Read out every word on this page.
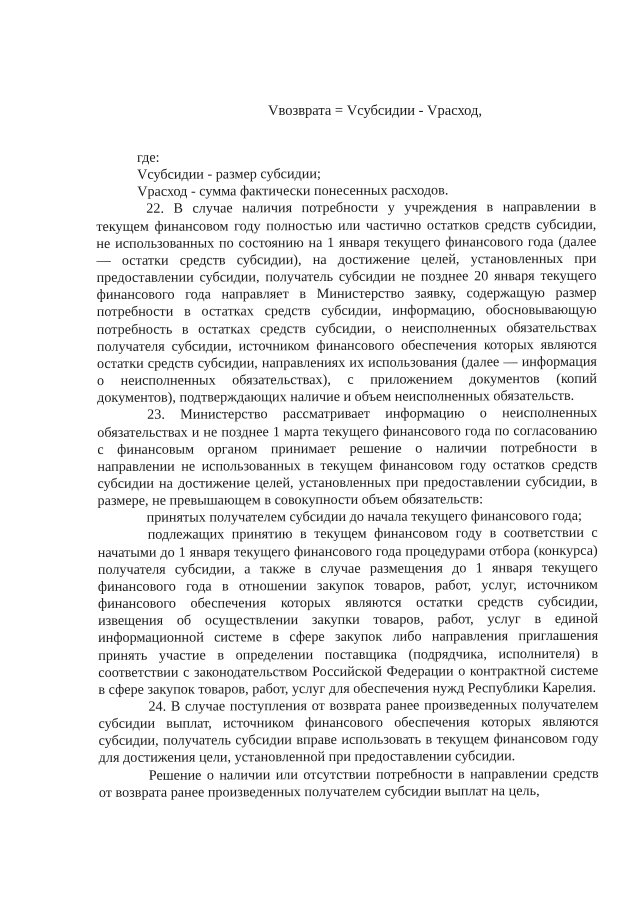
Vвозврата = Vсубсидии - Vрасход,

где:

Vсубсидии - размер субсидии;

Vрасход - сумма фактически понесенных расходов.

22. В случае наличия потребности у учреждения в направлении в текущем финансовом году полностью или частично остатков средств субсидии, не использованных по состоянию на 1 января текущего финансового года (далее — остатки средств субсидии), на достижение целей, установленных при предоставлении субсидии, получатель субсидии не позднее 20 января текущего финансового года направляет в Министерство заявку, содержащую размер потребности в остатках средств субсидии, информацию, обосновывающую потребность в остатках средств субсидии, о неисполненных обязательствах получателя субсидии, источником финансового обеспечения которых являются остатки средств субсидии, направлениях их использования (далее — информация о неисполненных обязательствах), с приложением документов (копий документов), подтверждающих наличие и объем неисполненных обязательств.

23. Министерство рассматривает информацию о неисполненных обязательствах и не позднее 1 марта текущего финансового года по согласованию с финансовым органом принимает решение о наличии потребности в направлении не использованных в текущем финансовом году остатков средств субсидии на достижение целей, установленных при предоставлении субсидии, в размере, не превышающем в совокупности объем обязательств:

принятых получателем субсидии до начала текущего финансового года;

подлежащих принятию в текущем финансовом году в соответствии с начатыми до 1 января текущего финансового года процедурами отбора (конкурса) получателя субсидии, а также в случае размещения до 1 января текущего финансового года в отношении закупок товаров, работ, услуг, источником финансового обеспечения которых являются остатки средств субсидии, извещения об осуществлении закупки товаров, работ, услуг в единой информационной системе в сфере закупок либо направления приглашения принять участие в определении поставщика (подрядчика, исполнителя) в соответствии с законодательством Российской Федерации о контрактной системе в сфере закупок товаров, работ, услуг для обеспечения нужд Республики Карелия.

24. В случае поступления от возврата ранее произведенных получателем субсидии выплат, источником финансового обеспечения которых являются субсидии, получатель субсидии вправе использовать в текущем финансовом году для достижения цели, установленной при предоставлении субсидии.

Решение о наличии или отсутствии потребности в направлении средств от возврата ранее произведенных получателем субсидии выплат на цель,
